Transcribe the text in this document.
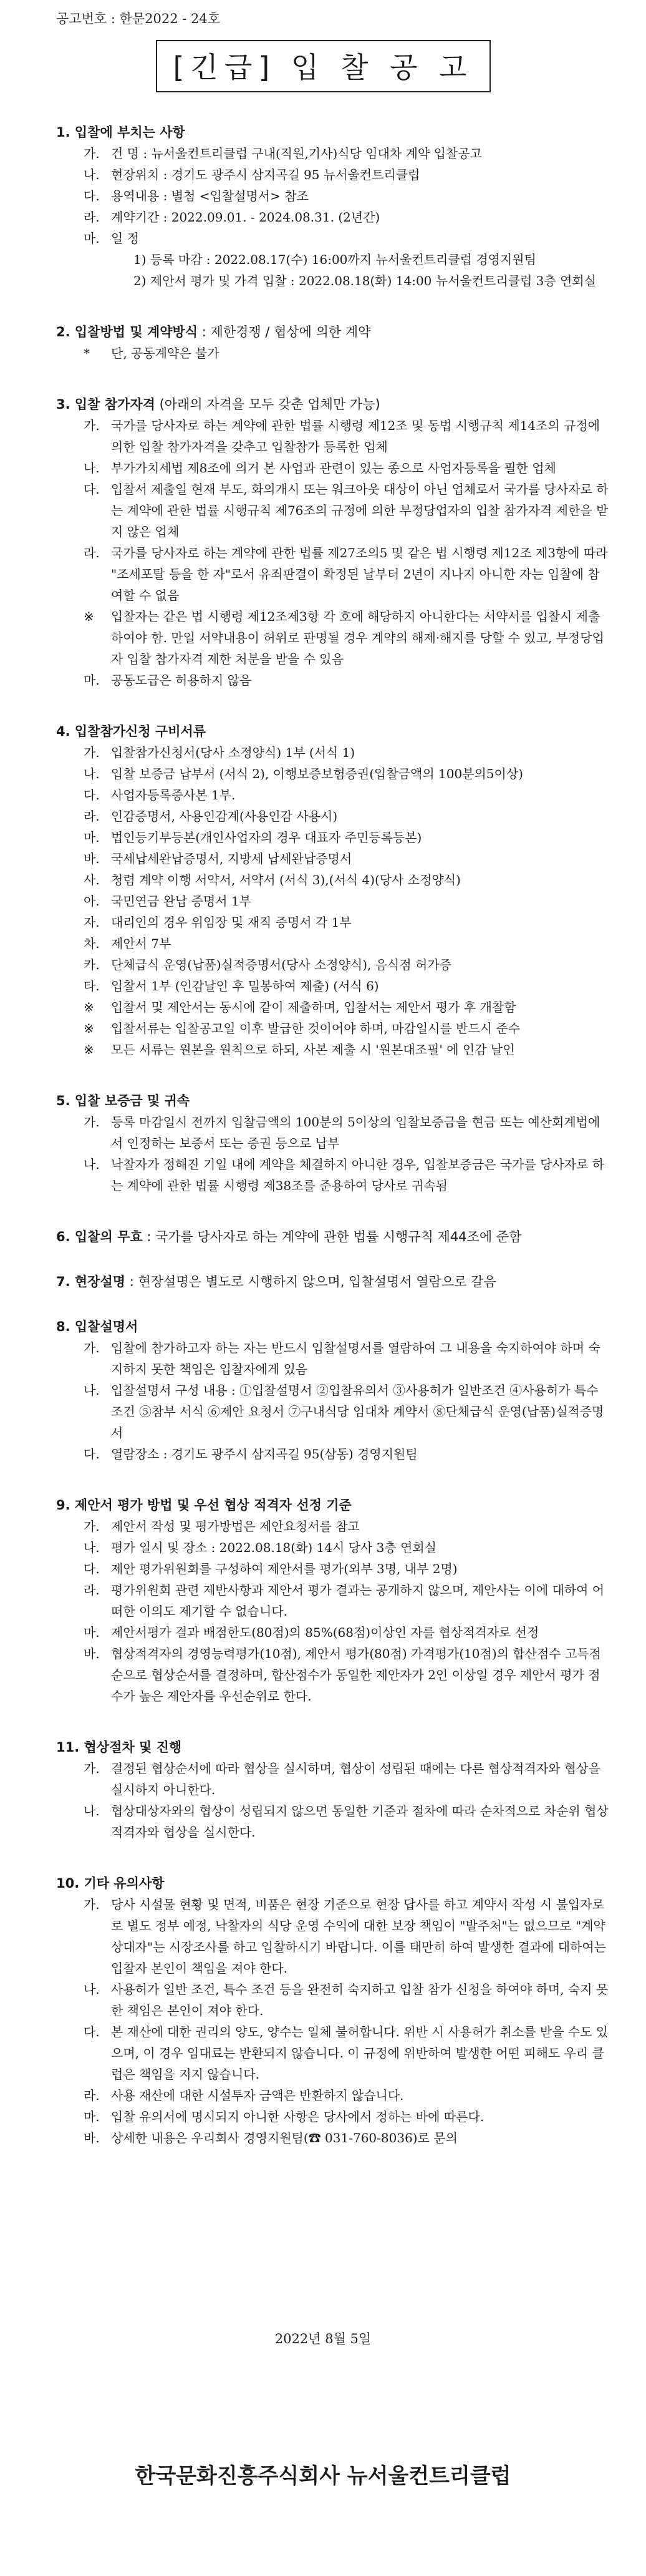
공고번호 : 한문2022 - 24호
[긴급] 입 찰 공 고
1. 입찰에 부치는 사항
가. 건 명 : 뉴서울컨트리클럽 구내(직원,기사)식당 임대차 계약 입찰공고
나. 현장위치 : 경기도 광주시 삼지곡길 95 뉴서울컨트리클럽
다. 용역내용 : 별첨 <입찰설명서> 참조
라. 계약기간 : 2022.09.01. - 2024.08.31. (2년간)
마. 일 정
1) 등록 마감 : 2022.08.17(수) 16:00까지 뉴서울컨트리클럽 경영지원팀
2) 제안서 평가 및 가격 입찰 : 2022.08.18(화) 14:00 뉴서울컨트리클럽 3층 연회실
2. 입찰방법 및 계약방식 : 제한경쟁 / 협상에 의한 계약
*	단, 공동계약은 불가
3. 입찰 참가자격 (아래의 자격을 모두 갖춘 업체만 가능)
가. 국가를 당사자로 하는 계약에 관한 법률 시행령 제12조 및 동법 시행규칙 제14조의 규정에 의한 입찰 참가자격을 갖추고 입찰참가 등록한 업체
나. 부가가치세법 제8조에 의거 본 사업과 관련이 있는 종으로 사업자등록을 필한 업체
다. 입찰서 제출일 현재 부도, 화의개시 또는 워크아웃 대상이 아닌 업체로서 국가를 당사자로 하는 계약에 관한 법률 시행규칙 제76조의 규정에 의한 부정당업자의 입찰 참가자격 제한을 받지 않은 업체
라. 국가를 당사자로 하는 계약에 관한 법률 제27조의5 및 같은 법 시행령 제12조 제3항에 따라 "조세포탈 등을 한 자"로서 유죄판결이 확정된 날부터 2년이 지나지 아니한 자는 입찰에 참여할 수 없음
※	입찰자는 같은 법 시행령 제12조제3항 각 호에 해당하지 아니한다는 서약서를 입찰시 제출하여야 함. 만일 서약내용이 허위로 판명될 경우 계약의 해제·해지를 당할 수 있고, 부정당업자 입찰 참가자격 제한 처분을 받을 수 있음
마. 공동도급은 허용하지 않음
4. 입찰참가신청 구비서류
가. 입찰참가신청서(당사 소정양식) 1부 (서식 1)
나. 입찰 보증금 납부서 (서식 2), 이행보증보험증권(입찰금액의 100분의5이상)
다. 사업자등록증사본 1부.
라. 인감증명서, 사용인감계(사용인감 사용시)
마. 법인등기부등본(개인사업자의 경우 대표자 주민등록등본)
바. 국세납세완납증명서, 지방세 납세완납증명서
사. 청렴 계약 이행 서약서, 서약서 (서식 3),(서식 4)(당사 소정양식)
아. 국민연금 완납 증명서 1부
자. 대리인의 경우 위임장 및 재직 증명서 각 1부
차. 제안서 7부
카. 단체급식 운영(납품)실적증명서(당사 소정양식), 음식점 허가증
타. 입찰서 1부 (인감날인 후 밀봉하여 제출) (서식 6)
※	입찰서 및 제안서는 동시에 같이 제출하며, 입찰서는 제안서 평가 후 개찰함
※	입찰서류는 입찰공고일 이후 발급한 것이어야 하며, 마감일시를 반드시 준수
※	모든 서류는 원본을 원칙으로 하되, 사본 제출 시 '원본대조필' 에 인감 날인
5. 입찰 보증금 및 귀속
가. 등록 마감일시 전까지 입찰금액의 100분의 5이상의 입찰보증금을 현금 또는 예산회계법에서 인정하는 보증서 또는 증권 등으로 납부
나. 낙찰자가 정해진 기일 내에 계약을 체결하지 아니한 경우, 입찰보증금은 국가를 당사자로 하는 계약에 관한 법률 시행령 제38조를 준용하여 당사로 귀속됨
6. 입찰의 무효 : 국가를 당사자로 하는 계약에 관한 법률 시행규칙 제44조에 준함
7. 현장설명 : 현장설명은 별도로 시행하지 않으며, 입찰설명서 열람으로 갈음
8. 입찰설명서
가. 입찰에 참가하고자 하는 자는 반드시 입찰설명서를 열람하여 그 내용을 숙지하여야 하며 숙지하지 못한 책임은 입찰자에게 있음
나. 입찰설명서 구성 내용 : ①입찰설명서 ②입찰유의서 ③사용허가 일반조건 ④사용허가 특수조건 ⑤참부 서식 ⑥제안 요청서 ⑦구내식당 임대차 계약서 ⑧단체급식 운영(납품)실적증명서
다. 열람장소 : 경기도 광주시 삼지곡길 95(삼동) 경영지원팀
9. 제안서 평가 방법 및 우선 협상 적격자 선정 기준
가. 제안서 작성 및 평가방법은 제안요청서를 참고
나. 평가 일시 및 장소 : 2022.08.18(화) 14시 당사 3층 연회실
다. 제안 평가위원회를 구성하여 제안서를 평가(외부 3명, 내부 2명)
라. 평가위원회 관련 제반사항과 제안서 평가 결과는 공개하지 않으며, 제안사는 이에 대하여 어떠한 이의도 제기할 수 없습니다.
마. 제안서평가 결과 배점한도(80점)의 85%(68점)이상인 자를 협상적격자로 선정
바. 협상적격자의 경영능력평가(10점), 제안서 평가(80점) 가격평가(10점)의 합산점수 고득점 순으로 협상순서를 결정하며, 합산점수가 동일한 제안자가 2인 이상일 경우 제안서 평가 점수가 높은 제안자를 우선순위로 한다.
11. 협상절차 및 진행
가. 결정된 협상순서에 따라 협상을 실시하며, 협상이 성립된 때에는 다른 협상적격자와 협상을 실시하지 아니한다.
나. 협상대상자와의 협상이 성립되지 않으면 동일한 기준과 절차에 따라 순차적으로 차순위 협상적격자와 협상을 실시한다.
10. 기타 유의사항
가. 당사 시설물 현황 및 면적, 비품은 현장 기준으로 현장 답사를 하고 계약서 작성 시 불입자로로 별도 정부 예정, 낙찰자의 식당 운영 수익에 대한 보장 책임이 "발주처"는 없으므로 "계약상대자"는 시장조사를 하고 입찰하시기 바랍니다. 이를 태만히 하여 발생한 결과에 대하여는 입찰자 본인이 책임을 져야 한다.
나. 사용허가 일반 조건, 특수 조건 등을 완전히 숙지하고 입찰 참가 신청을 하여야 하며, 숙지 못한 책임은 본인이 져야 한다.
다. 본 재산에 대한 권리의 양도, 양수는 일체 불허합니다. 위반 시 사용허가 취소를 받을 수도 있으며, 이 경우 임대료는 반환되지 않습니다. 이 규정에 위반하여 발생한 어떤 피해도 우리 클럽은 책임을 지지 않습니다.
라. 사용 재산에 대한 시설투자 금액은 반환하지 않습니다.
마. 입찰 유의서에 명시되지 아니한 사항은 당사에서 정하는 바에 따른다.
바. 상세한 내용은 우리회사 경영지원팀(☎ 031-760-8036)로 문의
2022년 8월 5일
한국문화진흥주식회사 뉴서울컨트리클럽
